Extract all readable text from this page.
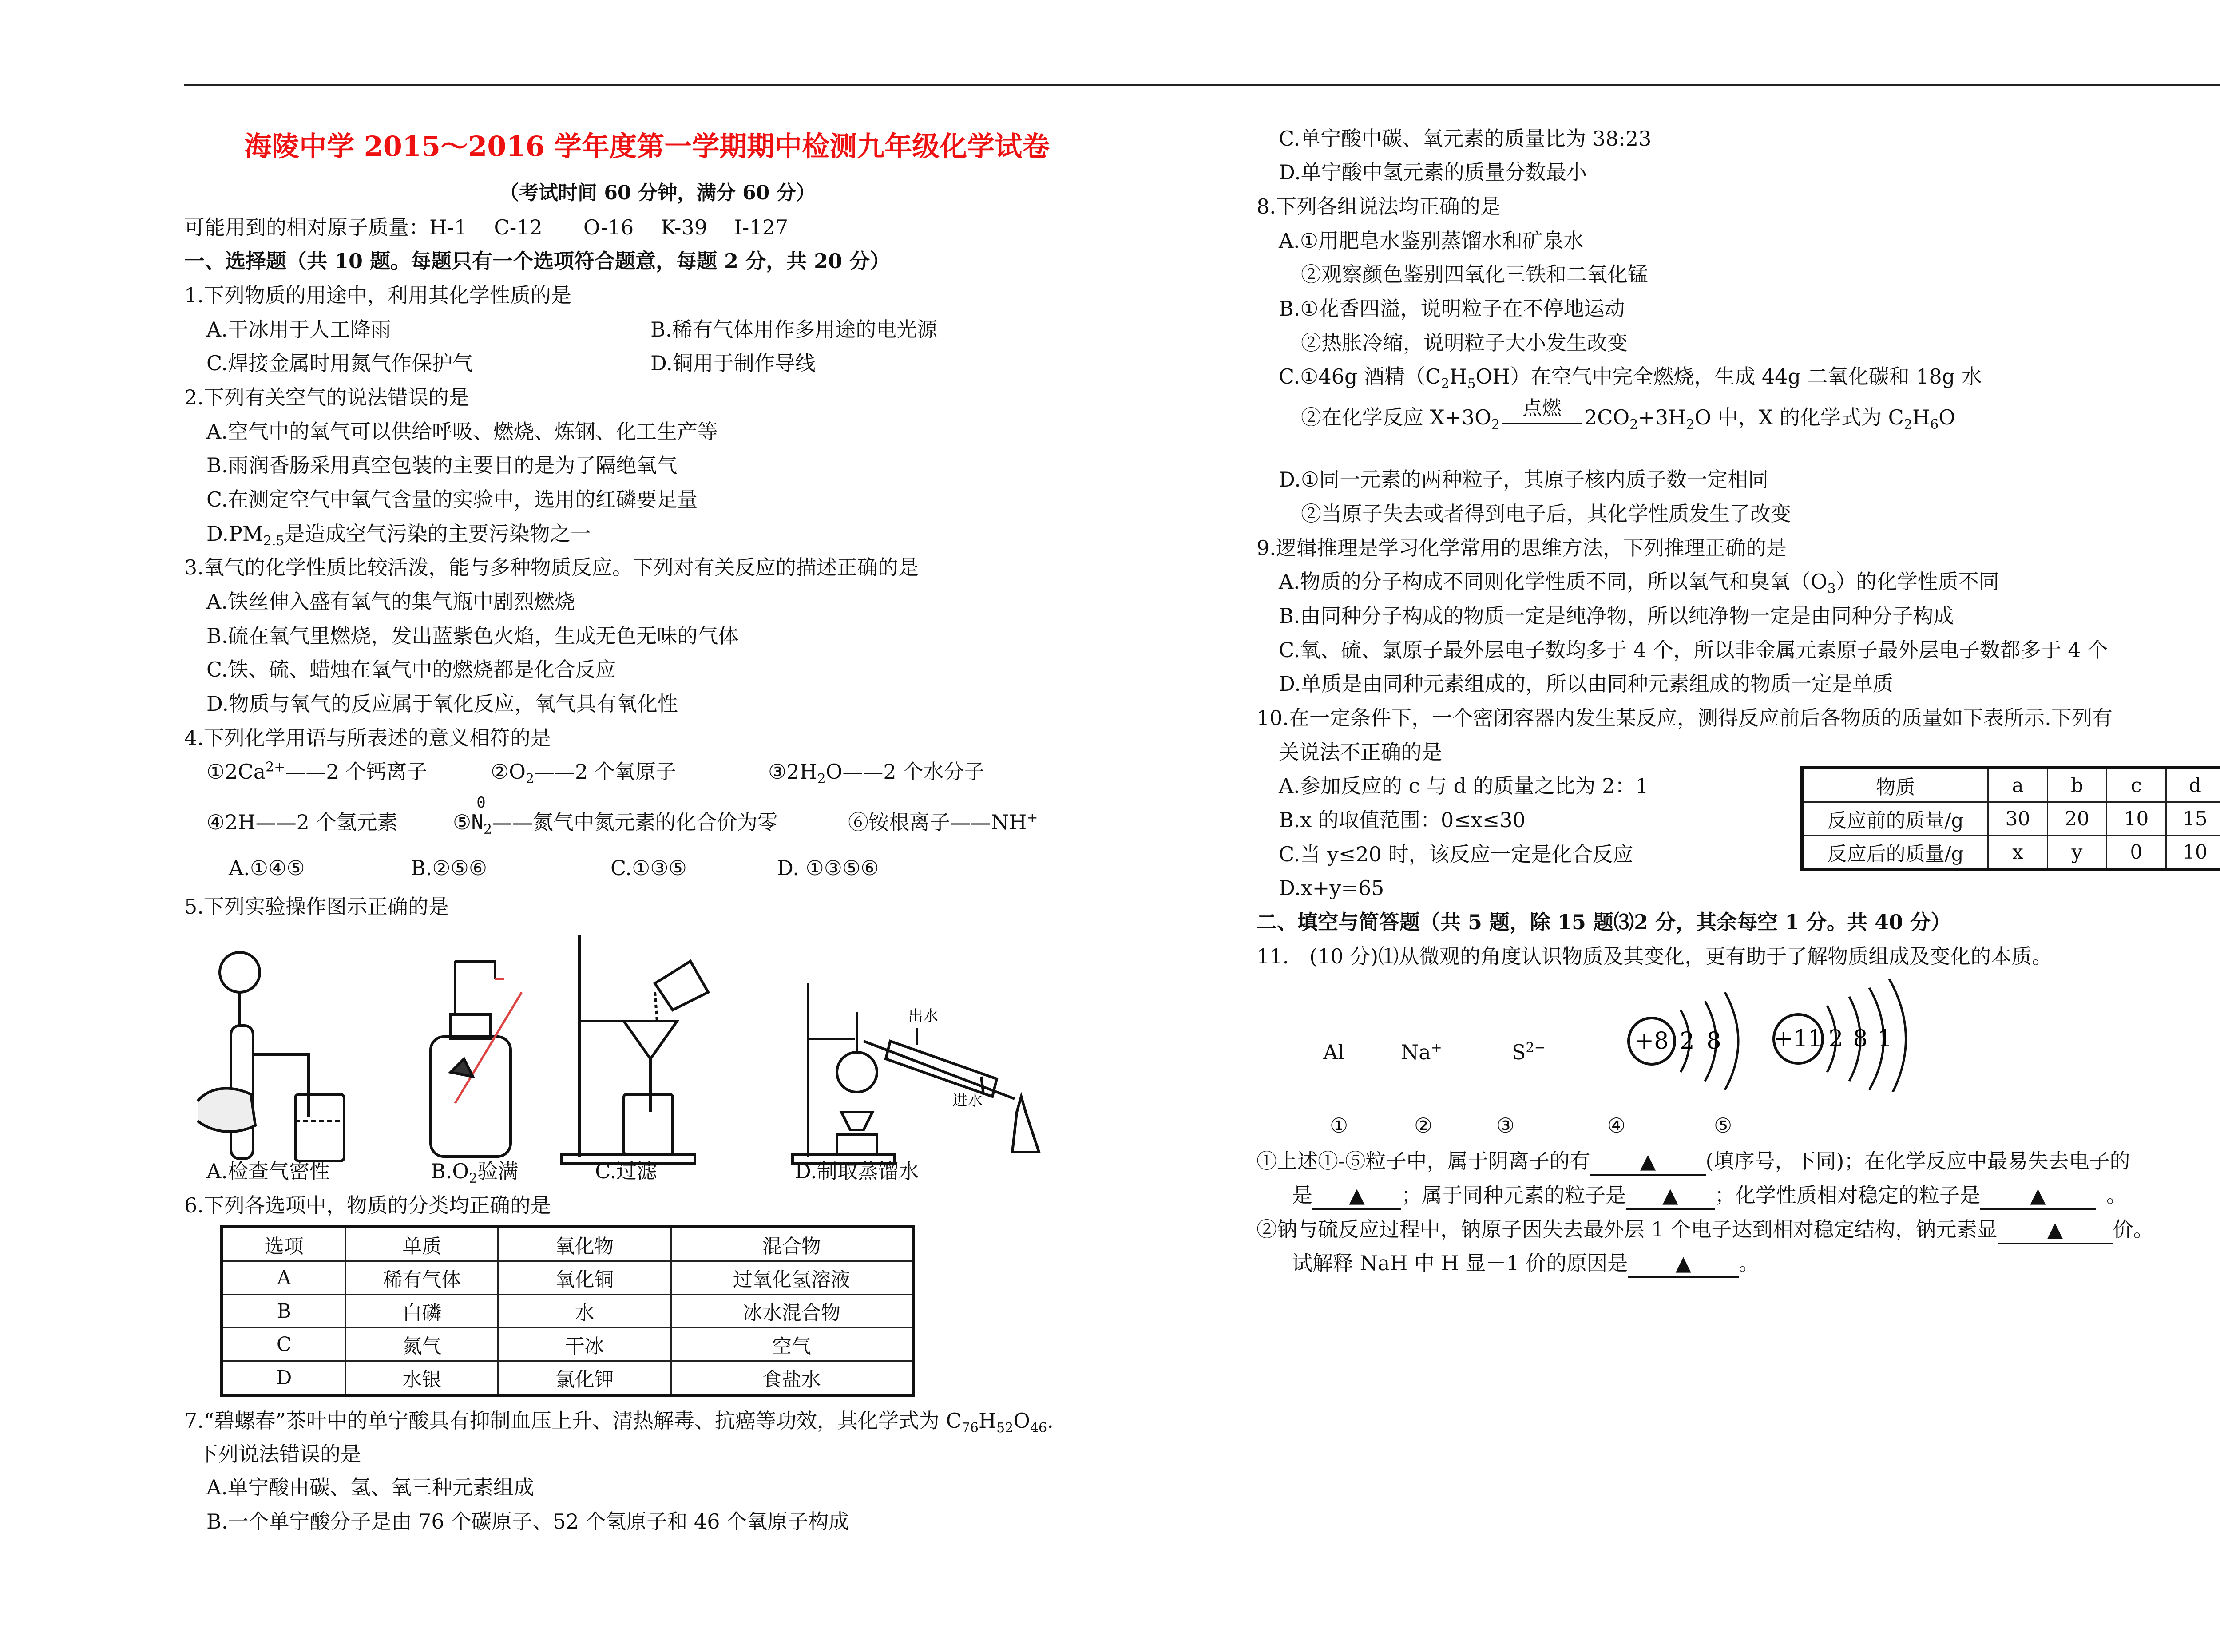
海陵中学 2015～2016 学年度第一学期期中检测九年级化学试卷
（考试时间 60 分钟，满分 60 分）
可能用到的相对原子质量：H-1　 C-12　　O-16　 K-39　 I-127
一、选择题（共 10 题。每题只有一个选项符合题意，每题 2 分，共 20 分）
1.下列物质的用途中，利用其化学性质的是
A.干冰用于人工降雨	B.稀有气体用作多用途的电光源
C.焊接金属时用氮气作保护气	D.铜用于制作导线
2.下列有关空气的说法错误的是
A.空气中的氧气可以供给呼吸、燃烧、炼钢、化工生产等
B.雨润香肠采用真空包装的主要目的是为了隔绝氧气
C.在测定空气中氧气含量的实验中，选用的红磷要足量
$D.PM_{2.5}$是造成空气污染的主要污染物之一
3.氧气的化学性质比较活泼，能与多种物质反应。下列对有关反应的描述正确的是
A.铁丝伸入盛有氧气的集气瓶中剧烈燃烧
B.硫在氧气里燃烧，发出蓝紫色火焰，生成无色无味的气体
C.铁、硫、蜡烛在氧气中的燃烧都是化合反应
D.物质与氧气的反应属于氧化反应，氧气具有氧化性
4.下列化学用语与所表述的意义相符的是
$①2Ca^{2+}——2$ 个钙离子	$②O_2——2$ 个氧原子	$③2H_2O——2$ 个水分子
④2H——2 个氢元素	⑤
0
$N_2——$氮气中氮元素的化合价为零	⑥铵根离子——NH+
A.①④⑤	B.②⑤⑥	C.①③⑤	D. ①③⑤⑥
5.下列实验操作图示正确的是
出水
进水
A.检查气密性	$B.O_2$验满	C.过滤	D.制取蒸馏水
6.下列各选项中，物质的分类均正确的是
选项	单质	氧化物	混合物
A	稀有气体	氧化铜	过氧化氢溶液
B	白磷	水	冰水混合物
C	氮气	干冰	空气
D	水银	氯化钾	食盐水
7.“碧螺春”茶叶中的单宁酸具有抑制血压上升、清热解毒、抗癌等功效，其化学式为 $C_{76}H_{52}O_{46}$.
下列说法错误的是
A.单宁酸由碳、氢、氧三种元素组成
B.一个单宁酸分子是由 76 个碳原子、52 个氢原子和 46 个氧原子构成
C.单宁酸中碳、氧元素的质量比为 38:23
D.单宁酸中氢元素的质量分数最小
8.下列各组说法均正确的是
A.①用肥皂水鉴别蒸馏水和矿泉水
②观察颜色鉴别四氧化三铁和二氧化锰
B.①花香四溢，说明粒子在不停地运动
②热胀冷缩，说明粒子大小发生改变
C.①46g 酒精$(C_2H_5OH)$在空气中完全燃烧，生成 44g 二氧化碳和 18g 水
②在化学反应 $X+3O_2$
点燃	$2CO_2+3H_2O$ 中，X 的化学式为 $C_2H_6O$
D.①同一元素的两种粒子，其原子核内质子数一定相同
②当原子失去或者得到电子后，其化学性质发生了改变
9.逻辑推理是学习化学常用的思维方法，下列推理正确的是
A.物质的分子构成不同则化学性质不同，所以氧气和臭氧$(O_3)$的化学性质不同
B.由同种分子构成的物质一定是纯净物，所以纯净物一定是由同种分子构成
C.氧、硫、氯原子最外层电子数均多于 4 个，所以非金属元素原子最外层电子数都多于 4 个
D.单质是由同种元素组成的，所以由同种元素组成的物质一定是单质
10.在一定条件下，一个密闭容器内发生某反应，测得反应前后各物质的质量如下表所示.下列有
关说法不正确的是
A.参加反应的 c 与 d 的质量之比为 2：1
B.x 的取值范围：0≤x≤30
C.当 y≤20 时，该反应一定是化合反应
D.x+y=65
物质	a	b	c	d
反应前的质量/g	30	20	10	15
反应后的质量/g	x	y	0	10
二、填空与简答题（共 5 题，除 15 题⑶2 分，其余每空 1 分。共 40 分）
11.　(10 分)⑴从微观的角度认识物质及其变化，更有助于了解物质组成及变化的本质。
Al	Na+	$S^{2-}$	+8 2 8 +11 2 8 1
①	②	③	④	⑤
①上述①-⑤粒子中，属于阴离子的有 ▲ (填序号，下同)；在化学反应中最易失去电子的
是 ▲ ；属于同种元素的粒子是 ▲ ；化学性质相对稳定的粒子是 ▲	。
②钠与硫反应过程中，钠原子因失去最外层 1 个电子达到相对稳定结构，钠元素显 ▲ 价。
试解释 NaH 中 H 显－1 价的原因是 ▲ 。
